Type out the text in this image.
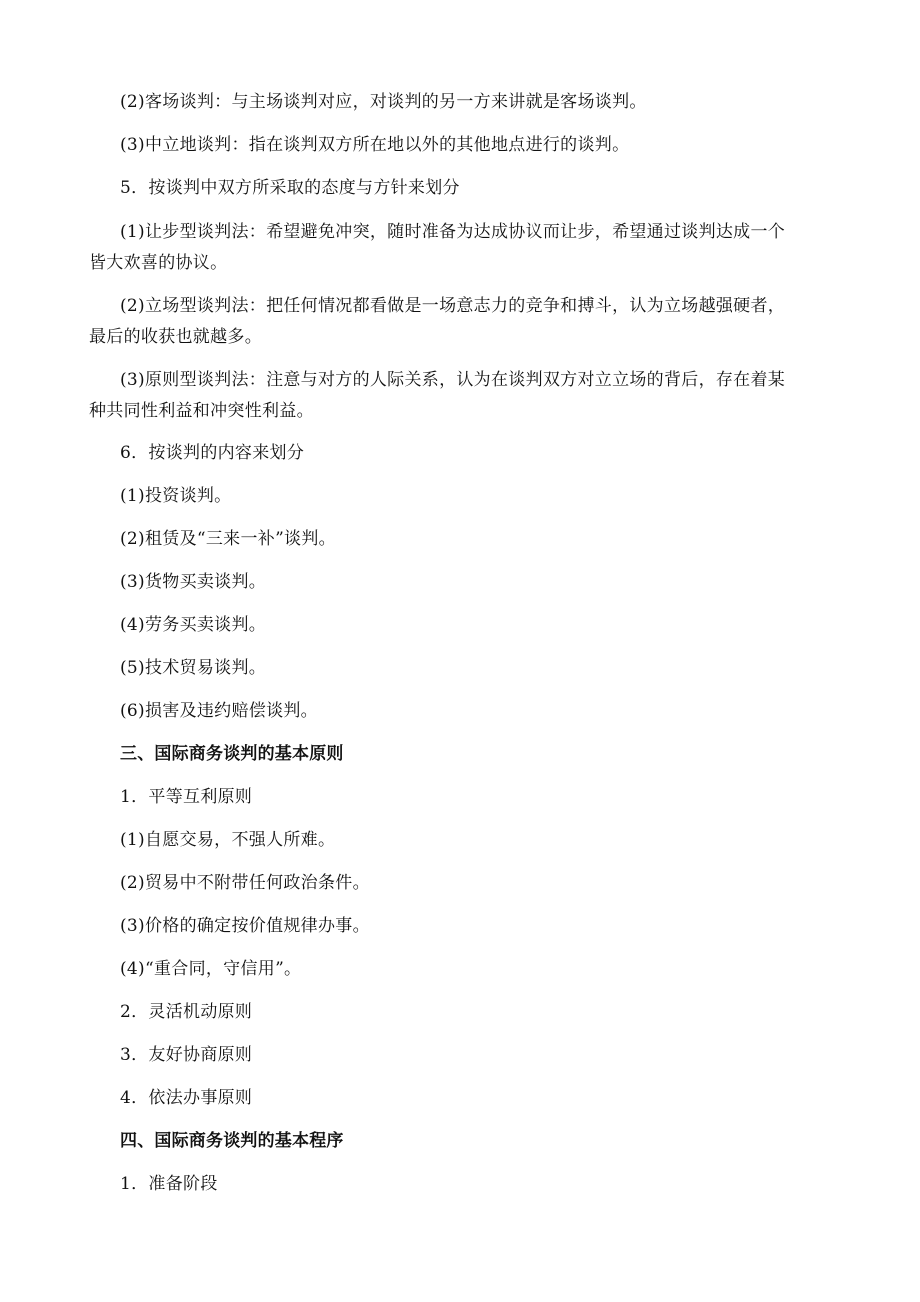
(2)客场谈判：与主场谈判对应，对谈判的另一方来讲就是客场谈判。
(3)中立地谈判：指在谈判双方所在地以外的其他地点进行的谈判。
5．按谈判中双方所采取的态度与方针来划分
(1)让步型谈判法：希望避免冲突，随时准备为达成协议而让步，希望通过谈判达成一个
皆大欢喜的协议。
(2)立场型谈判法：把任何情况都看做是一场意志力的竞争和搏斗，认为立场越强硬者，
最后的收获也就越多。
(3)原则型谈判法：注意与对方的人际关系，认为在谈判双方对立立场的背后，存在着某
种共同性利益和冲突性利益。
6．按谈判的内容来划分
(1)投资谈判。
(2)租赁及“三来一补”谈判。
(3)货物买卖谈判。
(4)劳务买卖谈判。
(5)技术贸易谈判。
(6)损害及违约赔偿谈判。
三、国际商务谈判的基本原则
1．平等互利原则
(1)自愿交易，不强人所难。
(2)贸易中不附带任何政治条件。
(3)价格的确定按价值规律办事。
(4)“重合同，守信用”。
2．灵活机动原则
3．友好协商原则
4．依法办事原则
四、国际商务谈判的基本程序
1．准备阶段
